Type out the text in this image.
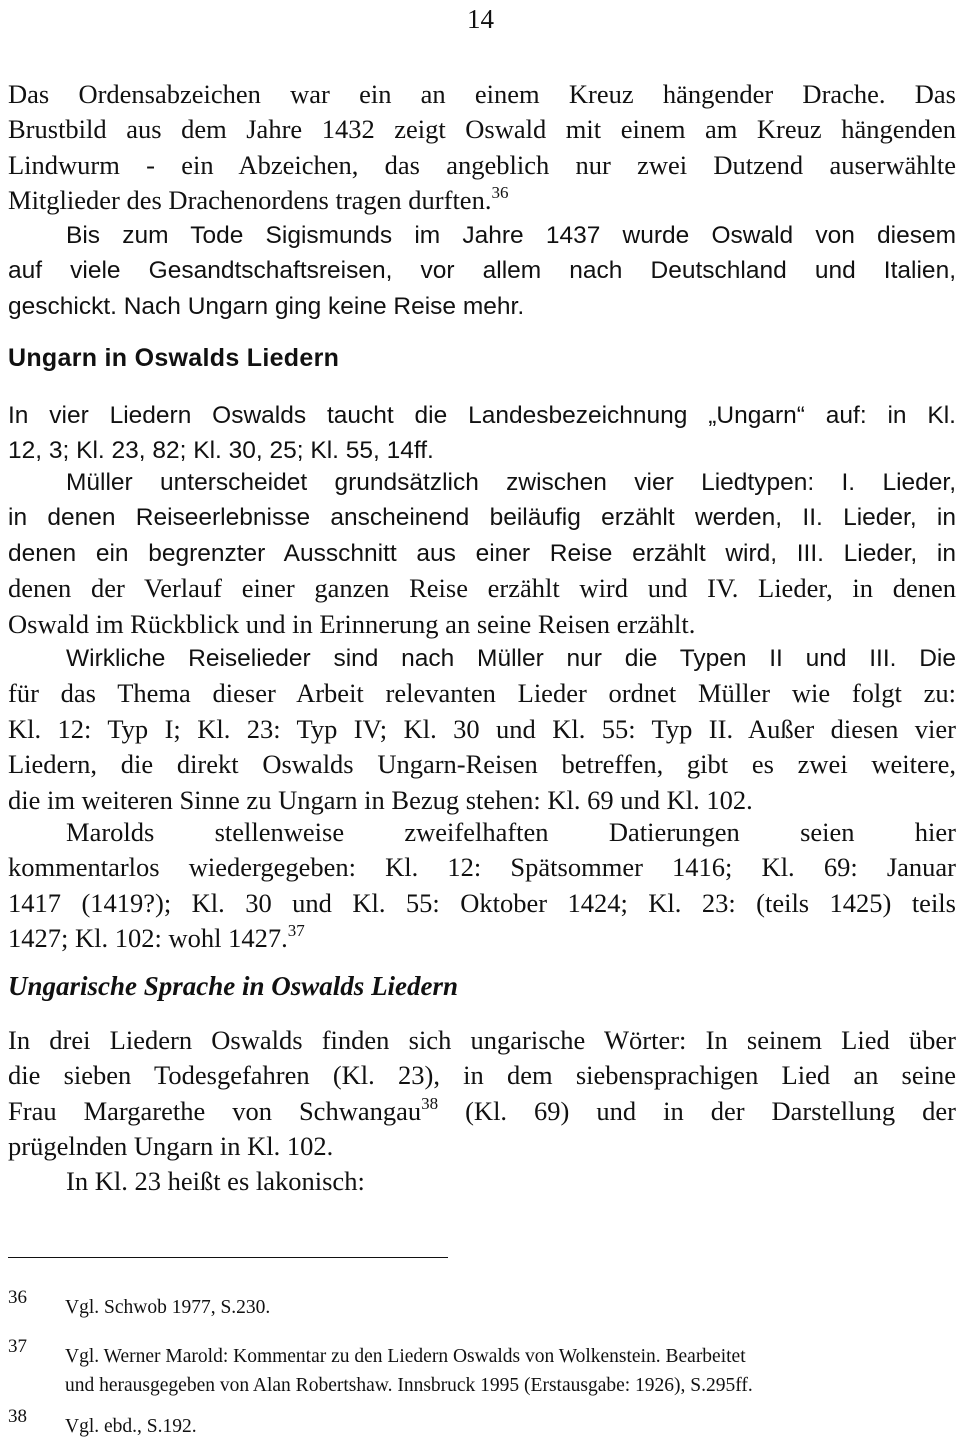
14
Das Ordensabzeichen war ein an einem Kreuz hängender Drache. Das
Brustbild aus dem Jahre 1432 zeigt Oswald mit einem am Kreuz hängenden
Lindwurm - ein Abzeichen, das angeblich nur zwei Dutzend auserwählte
Mitglieder des Drachenordens tragen durften.$^{36}$
Bis zum Tode Sigismunds im Jahre 1437 wurde Oswald von diesem
auf viele Gesandtschaftsreisen, vor allem nach Deutschland und Italien,
geschickt. Nach Ungarn ging keine Reise mehr.
Ungarn in Oswalds Liedern
In vier Liedern Oswalds taucht die Landesbezeichnung „Ungarn“ auf: in Kl.
12, 3; Kl. 23, 82; Kl. 30, 25; Kl. 55, 14ff.
Müller unterscheidet grundsätzlich zwischen vier Liedtypen: I. Lieder,
in denen Reiseerlebnisse anscheinend beiläufig erzählt werden, II. Lieder, in
denen ein begrenzter Ausschnitt aus einer Reise erzählt wird, III. Lieder, in
denen der Verlauf einer ganzen Reise erzählt wird und IV. Lieder, in denen
Oswald im Rückblick und in Erinnerung an seine Reisen erzählt.
Wirkliche Reiselieder sind nach Müller nur die Typen II und III. Die
für das Thema dieser Arbeit relevanten Lieder ordnet Müller wie folgt zu:
Kl. 12: Typ I; Kl. 23: Typ IV; Kl. 30 und Kl. 55: Typ II. Außer diesen vier
Liedern, die direkt Oswalds Ungarn-Reisen betreffen, gibt es zwei weitere,
die im weiteren Sinne zu Ungarn in Bezug stehen: Kl. 69 und Kl. 102.
Marolds stellenweise zweifelhaften Datierungen seien hier
kommentarlos wiedergegeben: Kl. 12: Spätsommer 1416; Kl. 69: Januar
1417 (1419?); Kl. 30 und Kl. 55: Oktober 1424; Kl. 23: (teils 1425) teils
1427; Kl. 102: wohl 1427.37
Ungarische Sprache in Oswalds Liedern
In drei Liedern Oswalds finden sich ungarische Wörter: In seinem Lied über
die sieben Todesgefahren (Kl. 23), in dem siebensprachigen Lied an seine
Frau Margarethe von Schwangau$^{38}$ (Kl. 69) und in der Darstellung der
prügelnden Ungarn in Kl. 102.
In Kl. 23 heißt es lakonisch:
36	Vgl. Schwob 1977, S.230.
37	Vgl. Werner Marold: Kommentar zu den Liedern Oswalds von Wolkenstein. Bearbeitet
und herausgegeben von Alan Robertshaw. Innsbruck 1995 (Erstausgabe: 1926), S.295ff.
38	Vgl. ebd., S.192.
